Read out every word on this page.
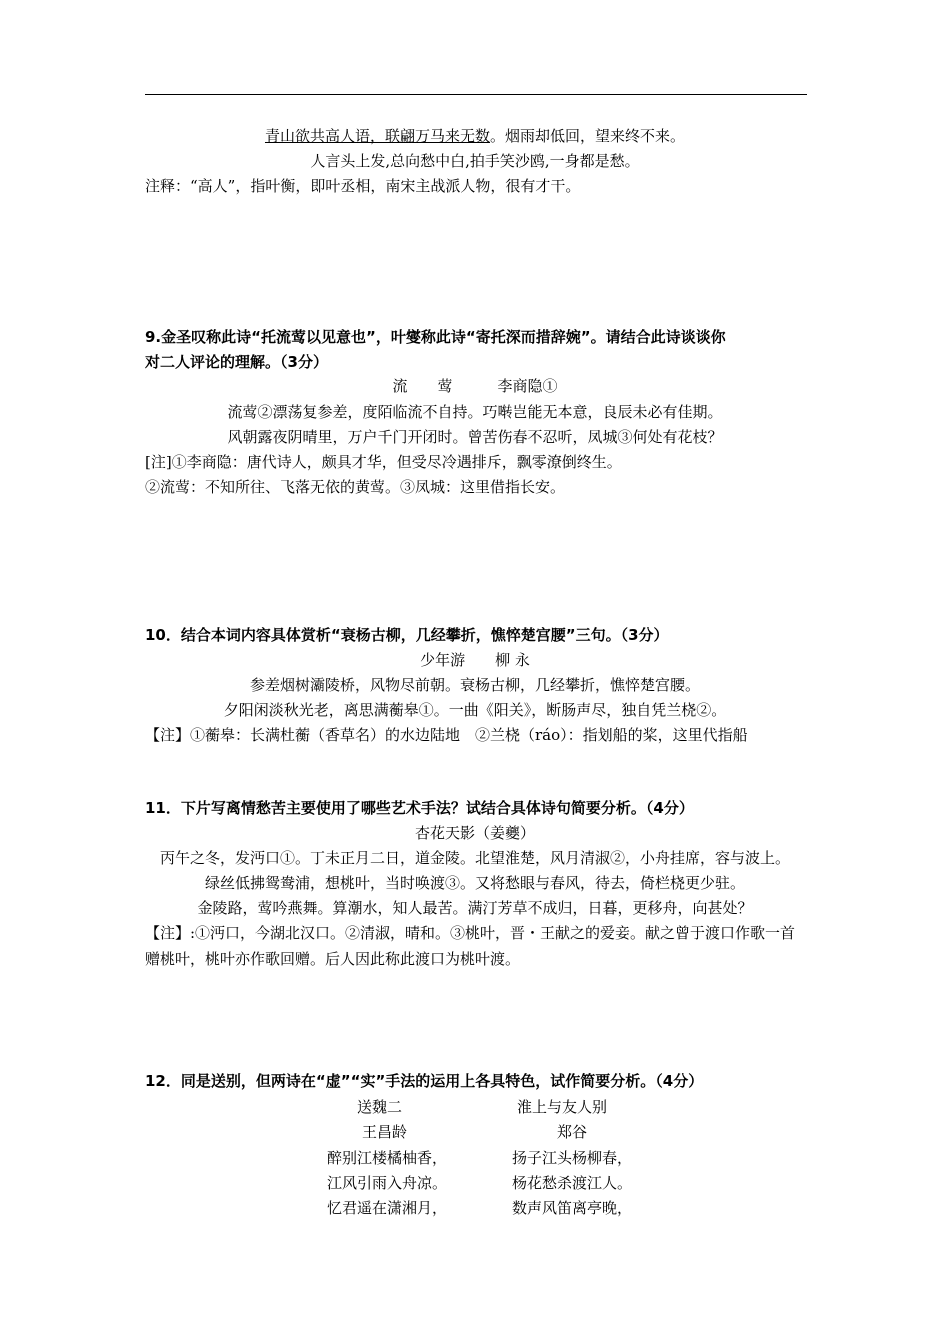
青山欲共高人语，联翩万马来无数。烟雨却低回，望来终不来。
人言头上发,总向愁中白,拍手笑沙鸥,一身都是愁。
注释：“高人”，指叶衡，即叶丞相，南宋主战派人物，很有才干。
9.金圣叹称此诗“托流莺以见意也”，叶燮称此诗“寄托深而措辞婉”。请结合此诗谈谈你
对二人评论的理解。（3分）
流　　莺　　　李商隐①
流莺②漂荡复参差，度陌临流不自持。巧啭岂能无本意，良辰未必有佳期。
风朝露夜阴晴里，万户千门开闭时。曾苦伤春不忍听，凤城③何处有花枝？
[注]①李商隐：唐代诗人，颇具才华，但受尽冷遇排斥，飘零潦倒终生。
②流莺：不知所往、飞落无依的黄莺。③凤城：这里借指长安。
10．结合本词内容具体赏析“衰杨古柳，几经攀折，憔悴楚宫腰”三句。（3分）
少年游　　柳 永
参差烟树灞陵桥，风物尽前朝。衰杨古柳，几经攀折，憔悴楚宫腰。
夕阳闲淡秋光老，离思满蘅皋①。一曲《阳关》，断肠声尽，独自凭兰桡②。
【注】①蘅皋：长满杜蘅（香草名）的水边陆地　②兰桡（ráo）：指划船的桨，这里代指船
11．下片写离情愁苦主要使用了哪些艺术手法？试结合具体诗句简要分析。（4分）
杏花天影（姜夔）
丙午之冬，发沔口①。丁未正月二日，道金陵。北望淮楚，风月清淑②，小舟挂席，容与波上。
绿丝低拂鸳鸯浦，想桃叶，当时唤渡③。又将愁眼与春风，待去，倚栏桡更少驻。
金陵路，莺吟燕舞。算潮水，知人最苦。满汀芳草不成归，日暮，更移舟，向甚处？
【注】:①沔口，今湖北汉口。②清淑，晴和。③桃叶，晋・王献之的爱妾。献之曾于渡口作歌一首赠桃叶，桃叶亦作歌回赠。后人因此称此渡口为桃叶渡。
12．同是送别，但两诗在“虚”“实”手法的运用上各具特色，试作简要分析。（4分）
送魏二	淮上与友人别
王昌龄	郑谷
醉别江楼橘柚香，	扬子江头杨柳春，
江风引雨入舟凉。	杨花愁杀渡江人。
忆君遥在潇湘月，	数声风笛离亭晚，
